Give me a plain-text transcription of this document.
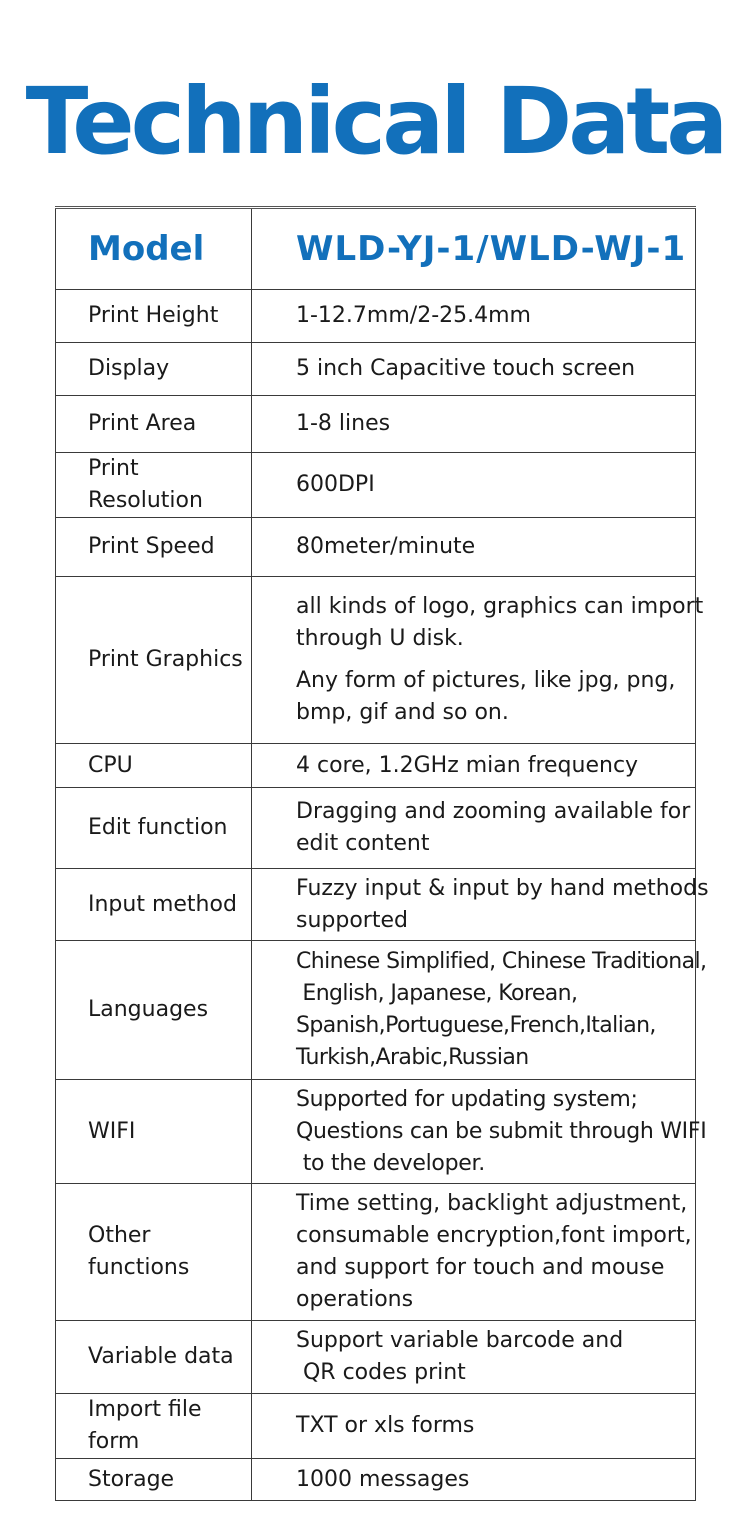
Technical Data
Model	WLD-YJ-1/WLD-WJ-1
Print Height	1-12.7mm/2-25.4mm

Display	5 inch Capacitive touch screen

Print Area	1-8 lines

Print Resolution	600DPI

Print Speed	80meter/minute

Print Graphics	all kinds of logo, graphics can import
through U disk.
Any form of pictures, like jpg, png,
bmp, gif and so on.

CPU	4 core, 1.2GHz mian frequency

Edit function	Dragging and zooming available for
edit content

Input method	Fuzzy input & input by hand methods
supported

Languages	Chinese Simplified, Chinese Traditional,
English, Japanese, Korean,
Spanish,Portuguese,French,Italian,
Turkish,Arabic,Russian

WIFI	Supported for updating system;
Questions can be submit through WIFI
to the developer.

Other functions	Time setting, backlight adjustment,
consumable encryption,font import,
and support for touch and mouse
operations

Variable data	Support variable barcode and
QR codes print

Import file form	TXT or xls forms

Storage	1000 messages
